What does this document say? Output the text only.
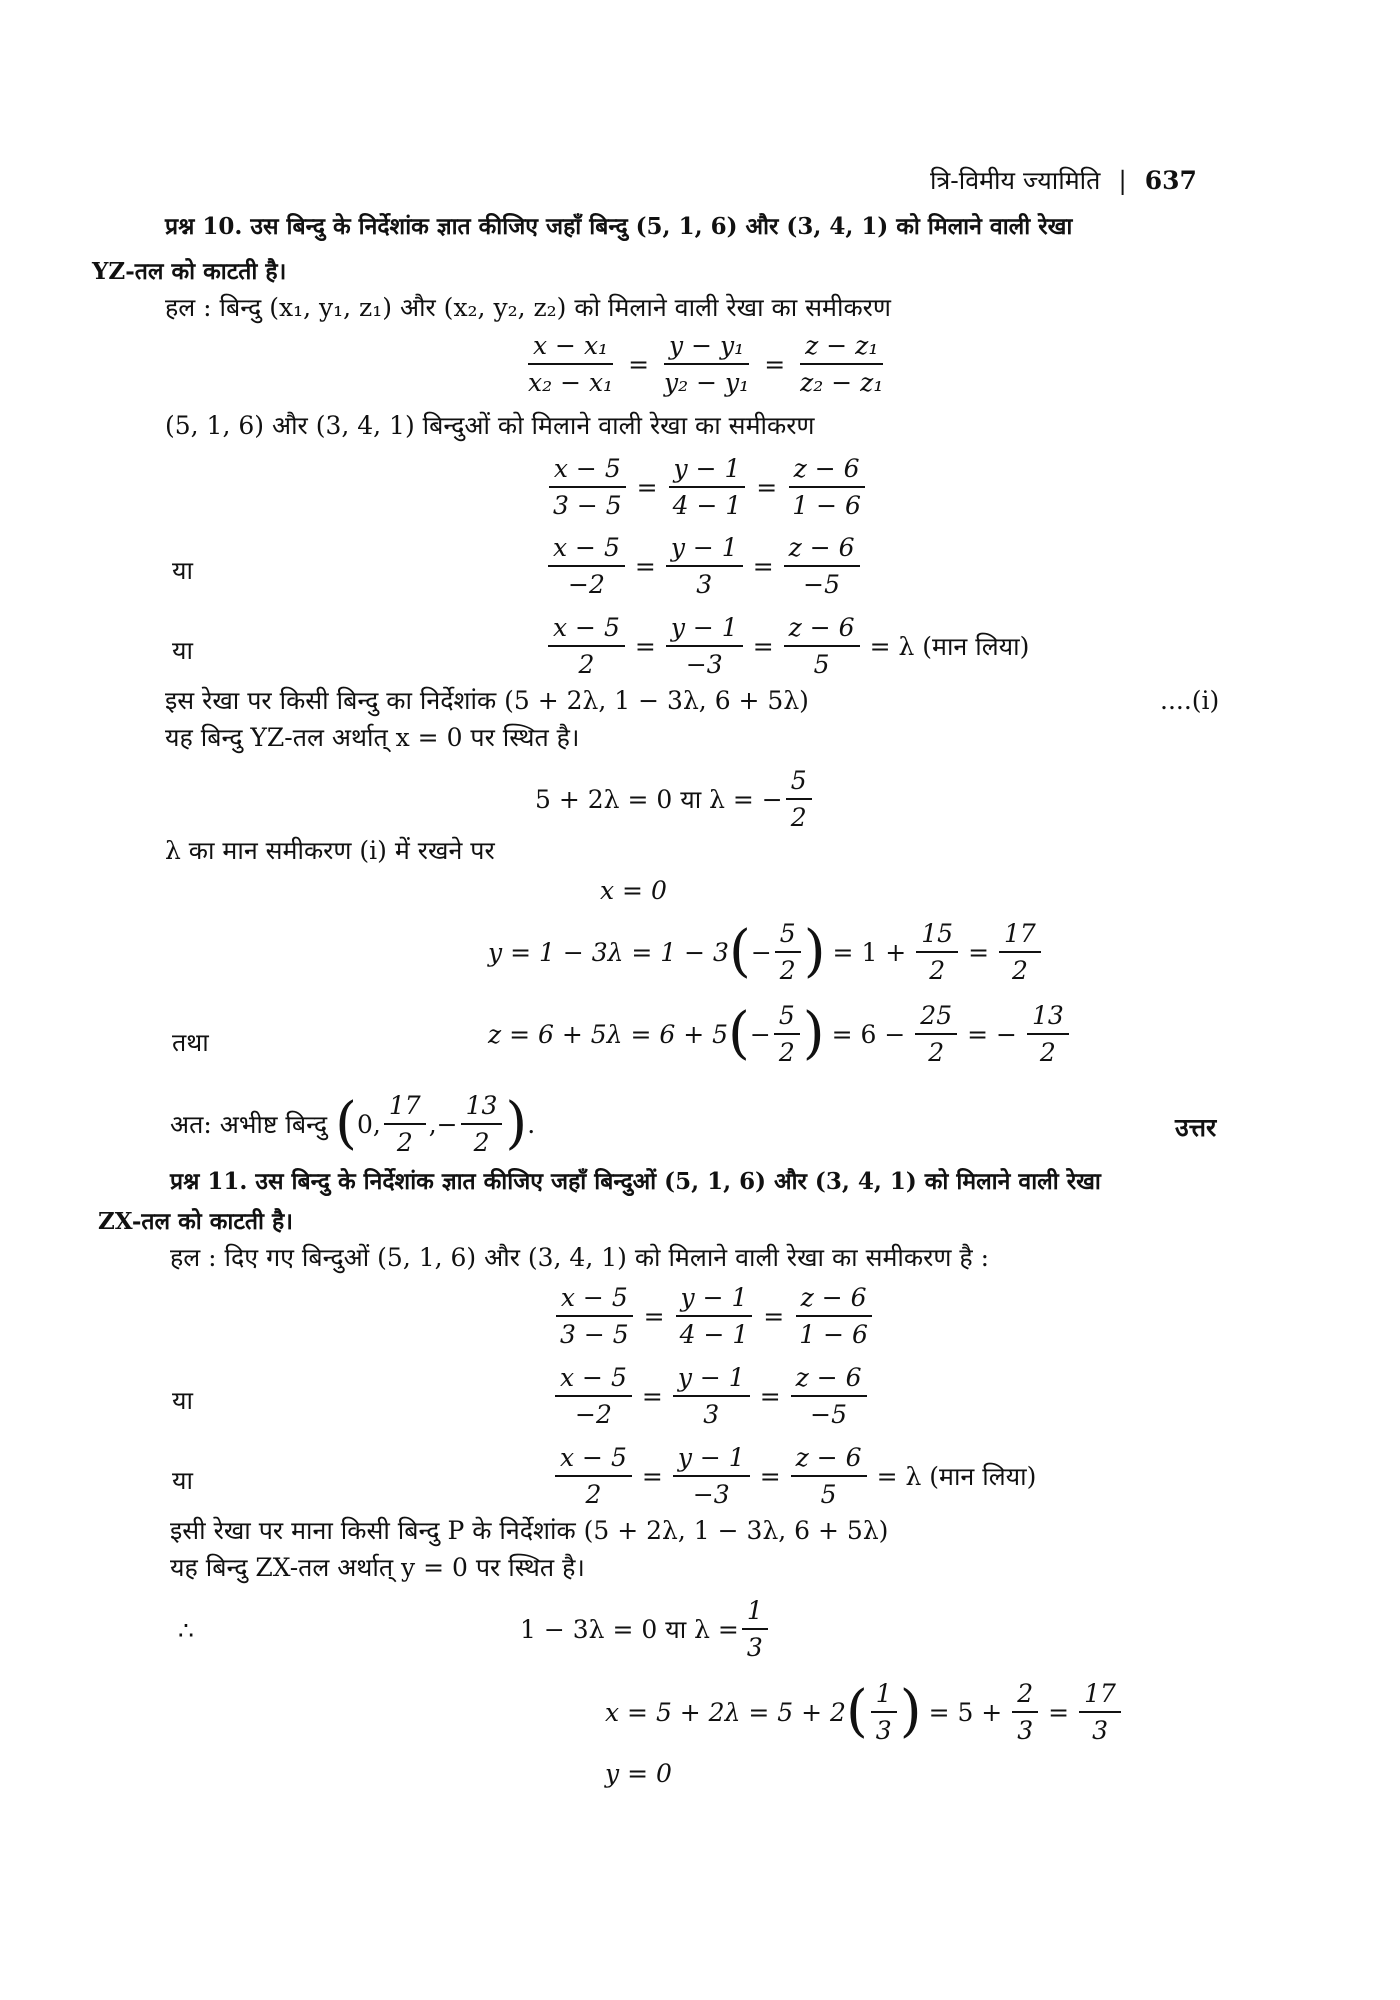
त्रि-विमीय ज्यामिति | 637
प्रश्न 10. उस बिन्दु के निर्देशांक ज्ञात कीजिए जहाँ बिन्दु (5, 1, 6) और (3, 4, 1) को मिलाने वाली रेखा
YZ-तल को काटती है।
हल : बिन्दु (x₁, y₁, z₁) और (x₂, y₂, z₂) को मिलाने वाली रेखा का समीकरण
$\frac{\text{x − x₁}}{\text{x₂ − x₁}} = \frac{\text{y − y₁}}{\text{y₂ − y₁}} = \frac{\text{z − z₁}}{\text{z₂ − z₁}}$
(5, 1, 6) और (3, 4, 1) बिन्दुओं को मिलाने वाली रेखा का समीकरण
$\frac{x - 5}{3 - 5} = \frac{y - 1}{4 - 1} = \frac{z - 6}{1 - 6}$
या	$\frac{x - 5}{-2} = \frac{y - 1}{3} = \frac{z - 6}{-5}$
या	$\frac{x - 5}{2} = \frac{y - 1}{-3} = \frac{z - 6}{5} = \lambda$ (मान लिया)
इस रेखा पर किसी बिन्दु का निर्देशांक (5 + 2λ, 1 − 3λ, 6 + 5λ)	....(i)
यह बिन्दु YZ-तल अर्थात् x = 0 पर स्थित है।
5 + 2λ = 0 या λ = − $\frac{5}{2}$
λ का मान समीकरण (i) में रखने पर
x = 0
y = 1 − 3λ = 1 − 3 ( − $\frac{5}{2}$ ) = $1 + \frac{15}{2} = \frac{17}{2}$
तथा	z = 6 + 5λ = 6 + 5 ( − $\frac{5}{2}$ ) = $6 - \frac{25}{2}$ = − $\frac{13}{2}$
अत: अभीष्ट बिन्दु ( 0, $\frac{17}{2}$ ,− $\frac{13}{2}$ ) .	उत्तर
प्रश्न 11. उस बिन्दु के निर्देशांक ज्ञात कीजिए जहाँ बिन्दुओं (5, 1, 6) और (3, 4, 1) को मिलाने वाली रेखा
ZX-तल को काटती है।
हल : दिए गए बिन्दुओं (5, 1, 6) और (3, 4, 1) को मिलाने वाली रेखा का समीकरण है :
$\frac{x - 5}{3 - 5} = \frac{y - 1}{4 - 1} = \frac{z - 6}{1 - 6}$
या	$\frac{x - 5}{-2} = \frac{y - 1}{3} = \frac{z - 6}{-5}$
या	$\frac{x - 5}{2} = \frac{y - 1}{-3} = \frac{z - 6}{5} = \lambda$ (मान लिया)
इसी रेखा पर माना किसी बिन्दु P के निर्देशांक (5 + 2λ, 1 − 3λ, 6 + 5λ)
यह बिन्दु ZX-तल अर्थात् y = 0 पर स्थित है।
∴	1 − 3λ = 0 या $\lambda = \frac{1}{3}$
x = 5 + 2λ = 5 + 2 ( $\frac{1}{3}$ ) = $5 + \frac{2}{3} = \frac{17}{3}$
y = 0
